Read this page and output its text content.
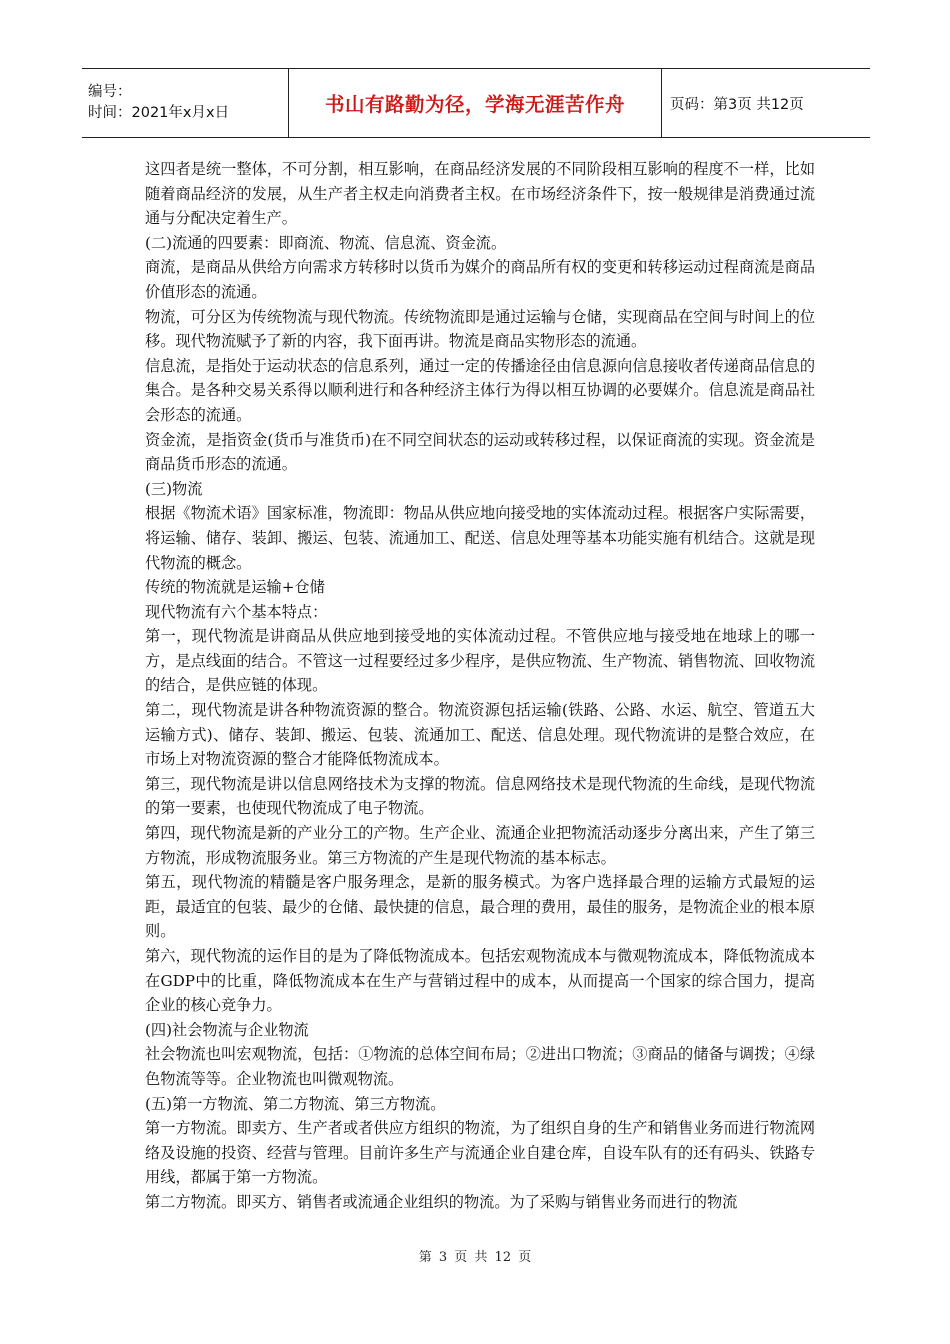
编号：
时间：2021年x月x日	书山有路勤为径，学海无涯苦作舟	页码：第3页 共12页

这四者是统一整体，不可分割，相互影响，在商品经济发展的不同阶段相互影响的程度不一样，比如随着商品经济的发展，从生产者主权走向消费者主权。在市场经济条件下，按一般规律是消费通过流通与分配决定着生产。

(二)流通的四要素：即商流、物流、信息流、资金流。

商流，是商品从供给方向需求方转移时以货币为媒介的商品所有权的变更和转移运动过程商流是商品价值形态的流通。

物流，可分区为传统物流与现代物流。传统物流即是通过运输与仓储，实现商品在空间与时间上的位移。现代物流赋予了新的内容，我下面再讲。物流是商品实物形态的流通。

信息流，是指处于运动状态的信息系列，通过一定的传播途径由信息源向信息接收者传递商品信息的集合。是各种交易关系得以顺利进行和各种经济主体行为得以相互协调的必要媒介。信息流是商品社会形态的流通。

资金流，是指资金(货币与准货币)在不同空间状态的运动或转移过程，以保证商流的实现。资金流是商品货币形态的流通。

(三)物流

根据《物流术语》国家标准，物流即：物品从供应地向接受地的实体流动过程。根据客户实际需要，将运输、储存、装卸、搬运、包装、流通加工、配送、信息处理等基本功能实施有机结合。这就是现代物流的概念。

传统的物流就是运输+仓储

现代物流有六个基本特点：

第一，现代物流是讲商品从供应地到接受地的实体流动过程。不管供应地与接受地在地球上的哪一方，是点线面的结合。不管这一过程要经过多少程序，是供应物流、生产物流、销售物流、回收物流的结合，是供应链的体现。

第二，现代物流是讲各种物流资源的整合。物流资源包括运输(铁路、公路、水运、航空、管道五大运输方式)、储存、装卸、搬运、包装、流通加工、配送、信息处理。现代物流讲的是整合效应，在市场上对物流资源的整合才能降低物流成本。

第三，现代物流是讲以信息网络技术为支撑的物流。信息网络技术是现代物流的生命线，是现代物流的第一要素，也使现代物流成了电子物流。

第四，现代物流是新的产业分工的产物。生产企业、流通企业把物流活动逐步分离出来，产生了第三方物流，形成物流服务业。第三方物流的产生是现代物流的基本标志。

第五，现代物流的精髓是客户服务理念，是新的服务模式。为客户选择最合理的运输方式最短的运距，最适宜的包装、最少的仓储、最快捷的信息，最合理的费用，最佳的服务，是物流企业的根本原则。

第六，现代物流的运作目的是为了降低物流成本。包括宏观物流成本与微观物流成本，降低物流成本在GDP中的比重，降低物流成本在生产与营销过程中的成本，从而提高一个国家的综合国力，提高企业的核心竞争力。

(四)社会物流与企业物流

社会物流也叫宏观物流，包括：①物流的总体空间布局；②进出口物流；③商品的储备与调拨；④绿色物流等等。企业物流也叫微观物流。

(五)第一方物流、第二方物流、第三方物流。

第一方物流。即卖方、生产者或者供应方组织的物流，为了组织自身的生产和销售业务而进行物流网络及设施的投资、经营与管理。目前许多生产与流通企业自建仓库，自设车队有的还有码头、铁路专用线，都属于第一方物流。

第二方物流。即买方、销售者或流通企业组织的物流。为了采购与销售业务而进行的物流

第 3 页 共 12 页
